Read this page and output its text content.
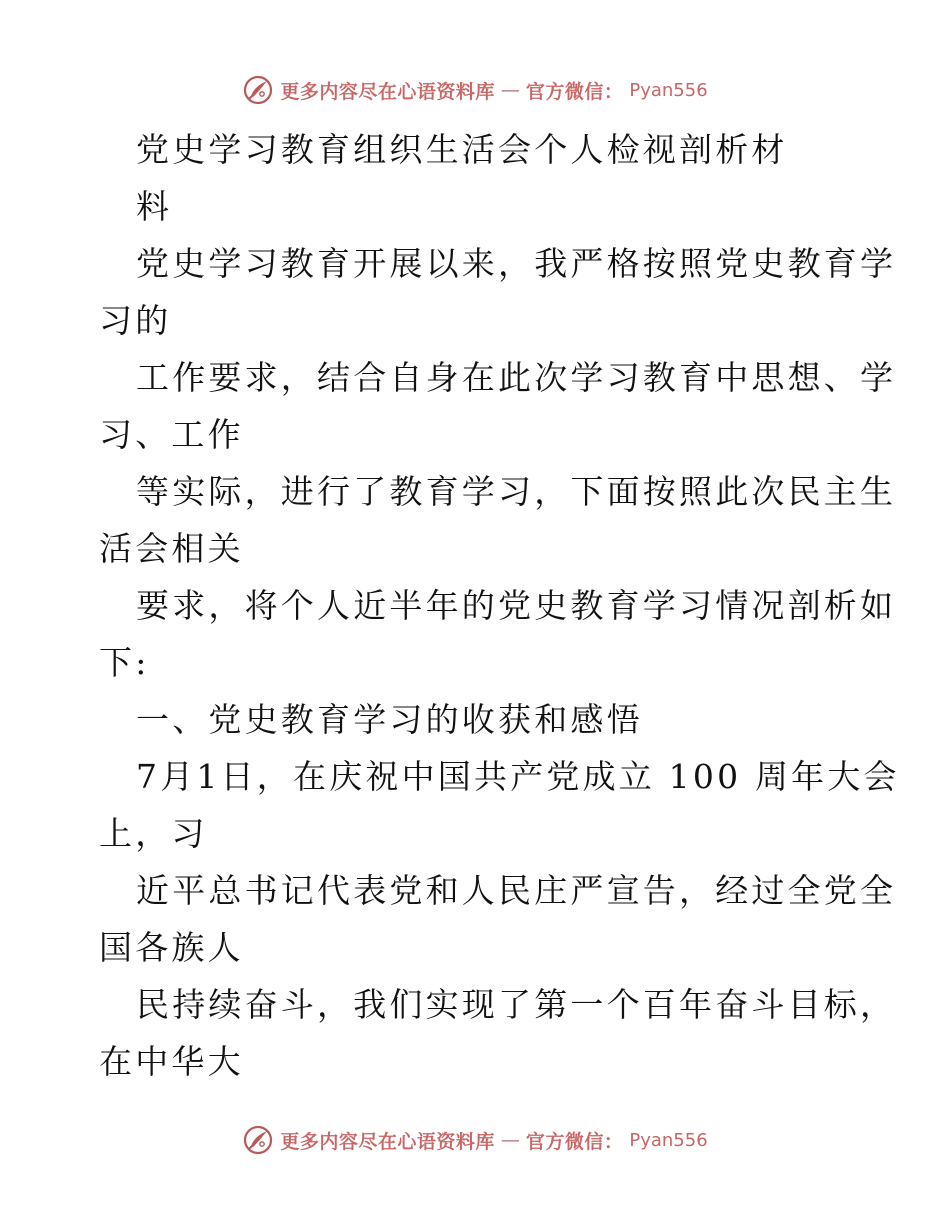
更多内容尽在心语资料库 — 官方微信： Pyan556
党史学习教育组织生活会个人检视剖析材
料
党史学习教育开展以来，我严格按照党史教育学
习的
工作要求，结合自身在此次学习教育中思想、学
习、工作
等实际，进行了教育学习，下面按照此次民主生
活会相关
要求，将个人近半年的党史教育学习情况剖析如
下:
一、党史教育学习的收获和感悟
7月1日，在庆祝中国共产党成立 100 周年大会
上，习
近平总书记代表党和人民庄严宣告，经过全党全
国各族人
民持续奋斗，我们实现了第一个百年奋斗目标，
在中华大
更多内容尽在心语资料库 — 官方微信： Pyan556
